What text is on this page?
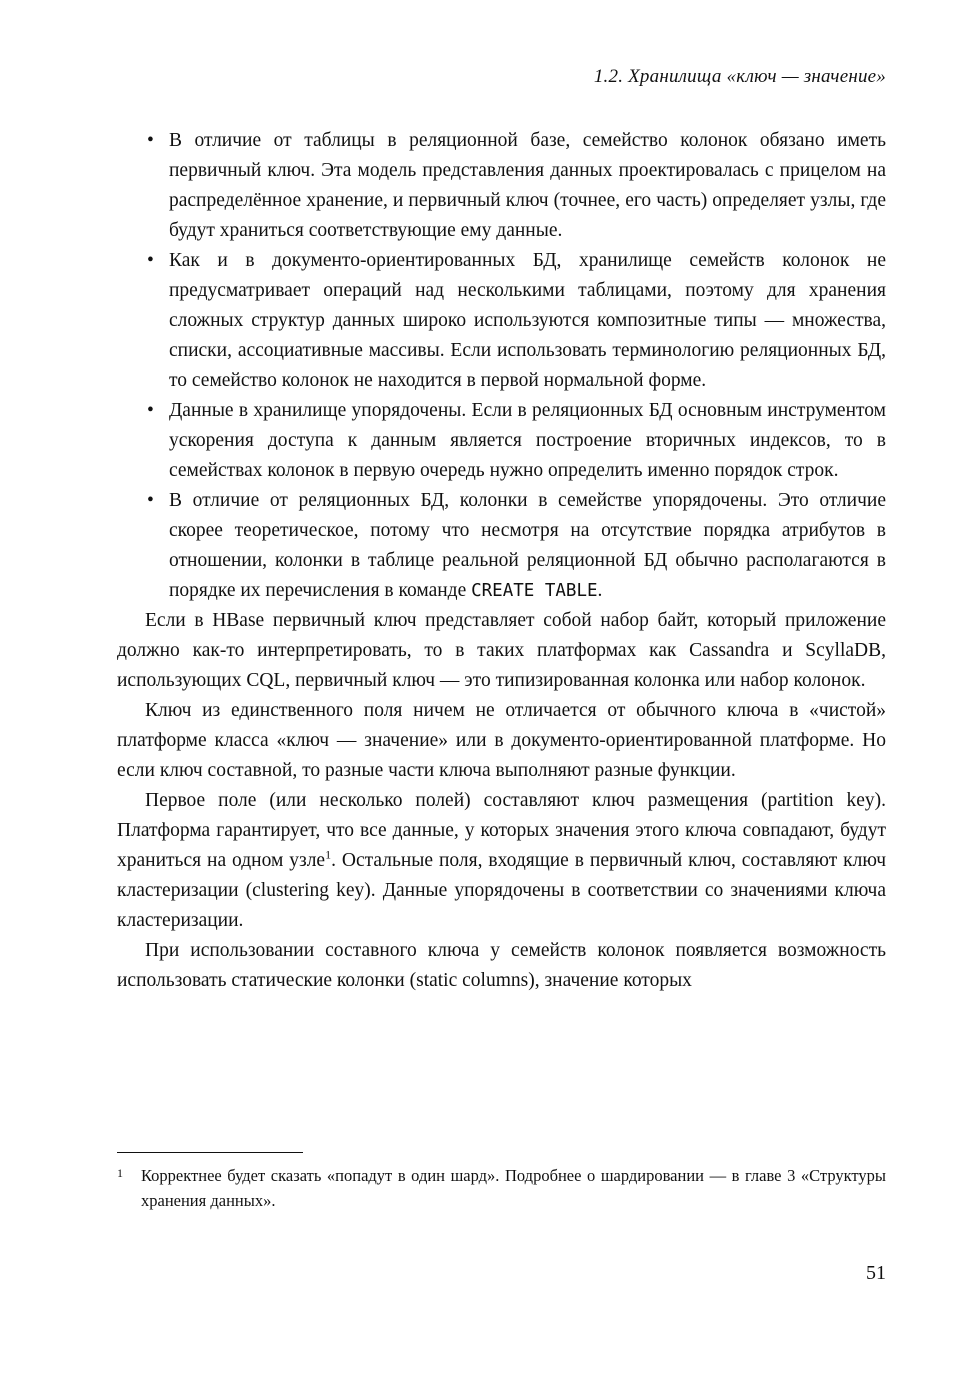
1.2. Хранилища «ключ — значение»
• В отличие от таблицы в реляционной базе, семейство колонок обязано иметь первичный ключ. Эта модель представления данных проектировалась с прицелом на распределённое хранение, и первичный ключ (точнее, его часть) определяет узлы, где будут храниться соответствующие ему данные.
• Как и в документо-ориентированных БД, хранилище семейств колонок не предусматривает операций над несколькими таблицами, поэтому для хранения сложных структур данных широко используются композитные типы — множества, списки, ассоциативные массивы. Если использовать терминологию реляционных БД, то семейство колонок не находится в первой нормальной форме.
• Данные в хранилище упорядочены. Если в реляционных БД основным инструментом ускорения доступа к данным является построение вторичных индексов, то в семействах колонок в первую очередь нужно определить именно порядок строк.
• В отличие от реляционных БД, колонки в семействе упорядочены. Это отличие скорее теоретическое, потому что несмотря на отсутствие порядка атрибутов в отношении, колонки в таблице реальной реляционной БД обычно располагаются в порядке их перечисления в команде CREATE TABLE.

Если в HBase первичный ключ представляет собой набор байт, который приложение должно как-то интерпретировать, то в таких платформах как Cassandra и ScyllaDB, использующих CQL, первичный ключ — это типизированная колонка или набор колонок.

Ключ из единственного поля ничем не отличается от обычного ключа в «чистой» платформе класса «ключ — значение» или в документо-ориентированной платформе. Но если ключ составной, то разные части ключа выполняют разные функции.

Первое поле (или несколько полей) составляют ключ размещения (partition key). Платформа гарантирует, что все данные, у которых значения этого ключа совпадают, будут храниться на одном узле$^1$. Остальные поля, входящие в первичный ключ, составляют ключ кластеризации (clustering key). Данные упорядочены в соответствии со значениями ключа кластеризации.

При использовании составного ключа у семейств колонок появляется возможность использовать статические колонки (static columns), значение которых

1 Корректнее будет сказать «попадут в один шард». Подробнее о шардировании — в главе 3 «Структуры хранения данных».
51
